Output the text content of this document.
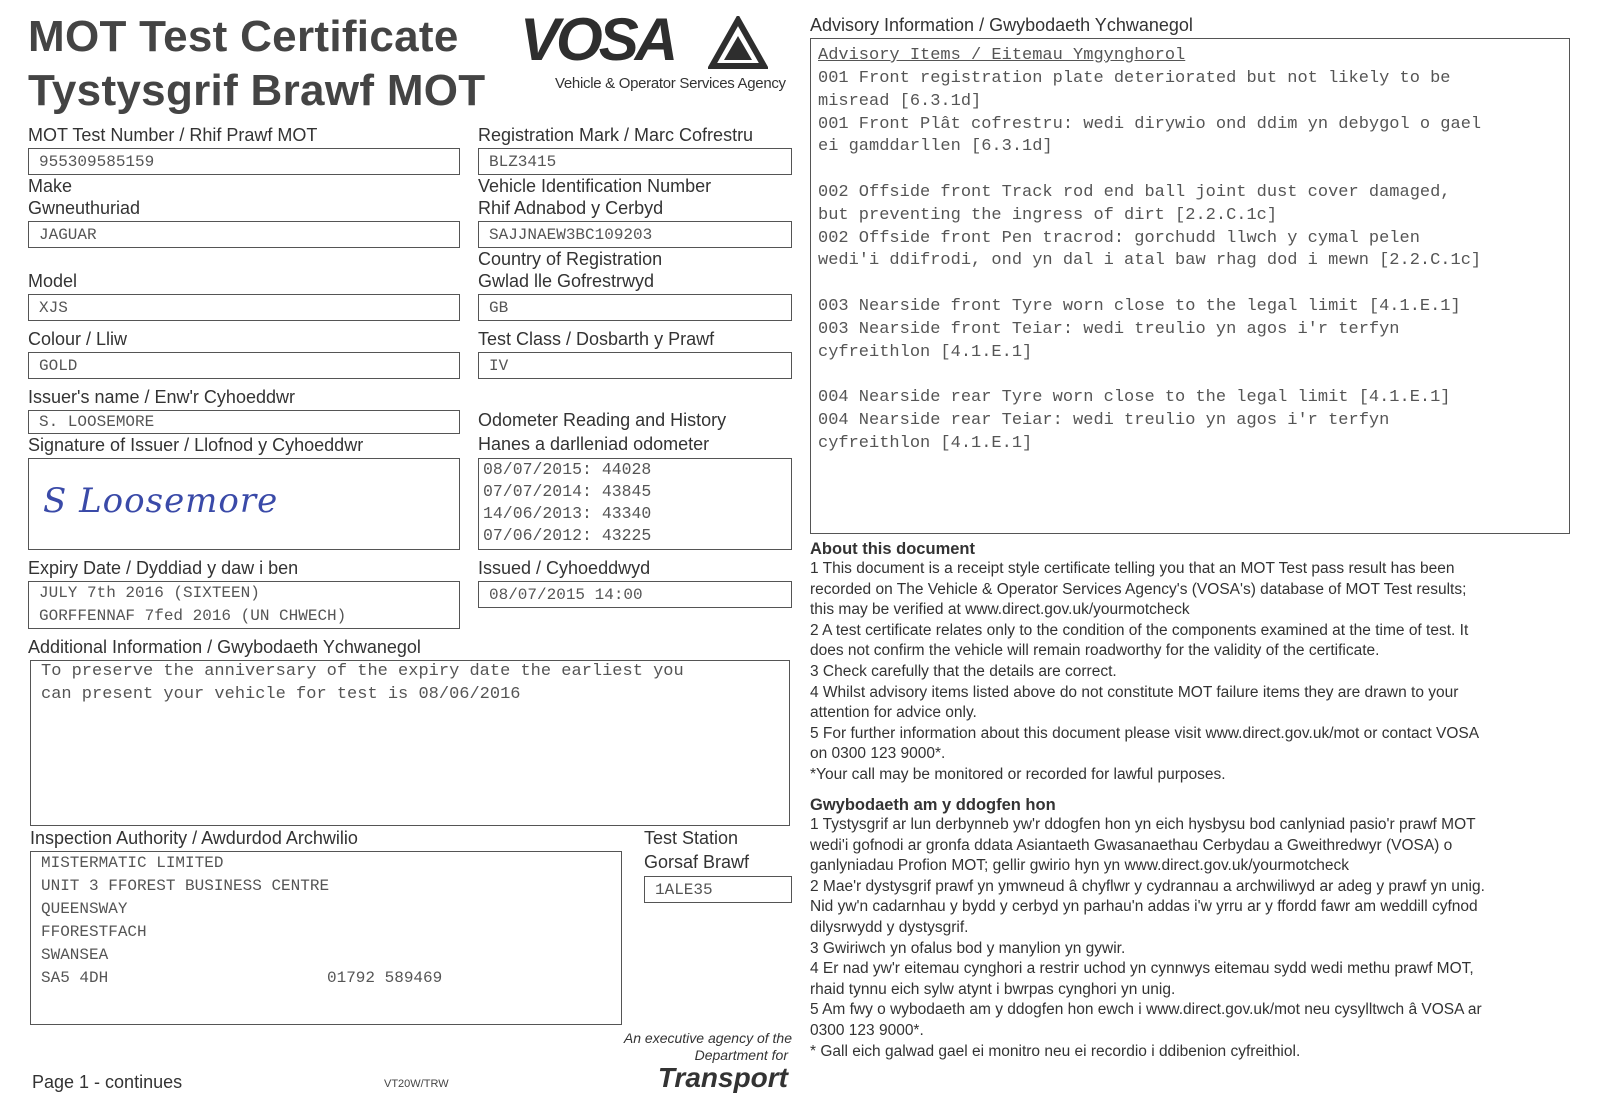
MOT Test Certificate
Tystysgrif Brawf MOT
VOSA
Vehicle & Operator Services Agency
MOT Test Number / Rhif Prawf MOT
955309585159
Make
Gwneuthuriad
JAGUAR
Model
XJS
Colour / Lliw
GOLD
Issuer's name / Enw'r Cyhoeddwr
S. LOOSEMORE
Signature of Issuer / Llofnod y Cyhoeddwr
S Loosemore
Expiry Date / Dyddiad y daw i ben
JULY 7th 2016 (SIXTEEN)
GORFFENNAF 7fed 2016 (UN CHWECH)
Additional Information / Gwybodaeth Ychwanegol
To preserve the anniversary of the expiry date the earliest you
can present your vehicle for test is 08/06/2016
Inspection Authority / Awdurdod Archwilio
MISTERMATIC LIMITED
UNIT 3 FFOREST BUSINESS CENTRE
QUEENSWAY
FFORESTFACH
SWANSEA
SA5 4DH	01792 589469
Registration Mark / Marc Cofrestru
BLZ3415
Vehicle Identification Number
Rhif Adnabod y Cerbyd
SAJJNAEW3BC109203
Country of Registration
Gwlad lle Gofrestrwyd
GB
Test Class / Dosbarth y Prawf
IV
Odometer Reading and History
Hanes a darlleniad odometer
08/07/2015: 44028
07/07/2014: 43845
14/06/2013: 43340
07/06/2012: 43225
Issued / Cyhoeddwyd
08/07/2015 14:00
Test Station
Gorsaf Brawf
1ALE35
Advisory Information / Gwybodaeth Ychwanegol
Advisory Items / Eitemau Ymgynghorol
001 Front registration plate deteriorated but not likely to be
misread [6.3.1d]
001 Front Plât cofrestru: wedi dirywio ond ddim yn debygol o gael
ei gamddarllen [6.3.1d]

002 Offside front Track rod end ball joint dust cover damaged,
but preventing the ingress of dirt [2.2.C.1c]
002 Offside front Pen tracrod: gorchudd llwch y cymal pelen
wedi'i ddifrodi, ond yn dal i atal baw rhag dod i mewn [2.2.C.1c]
003 Nearside front Tyre worn close to the legal limit [4.1.E.1]
003 Nearside front Teiar: wedi treulio yn agos i'r terfyn
cyfreithlon [4.1.E.1]
004 Nearside rear Tyre worn close to the legal limit [4.1.E.1]
004 Nearside rear Teiar: wedi treulio yn agos i'r terfyn
cyfreithlon [4.1.E.1]
About this document
1 This document is a receipt style certificate telling you that an MOT Test pass result has been
recorded on The Vehicle & Operator Services Agency's (VOSA's) database of MOT Test results;
this may be verified at www.direct.gov.uk/yourmotcheck
2 A test certificate relates only to the condition of the components examined at the time of test. It
does not confirm the vehicle will remain roadworthy for the validity of the certificate.
3 Check carefully that the details are correct.
4 Whilst advisory items listed above do not constitute MOT failure items they are drawn to your
attention for advice only.
5 For further information about this document please visit www.direct.gov.uk/mot or contact VOSA
on 0300 123 9000*.
*Your call may be monitored or recorded for lawful purposes.
Gwybodaeth am y ddogfen hon
1 Tystysgrif ar lun derbynneb yw'r ddogfen hon yn eich hysbysu bod canlyniad pasio'r prawf MOT
wedi'i gofnodi ar gronfa ddata Asiantaeth Gwasanaethau Cerbydau a Gweithredwyr (VOSA) o
ganlyniadau Profion MOT; gellir gwirio hyn yn www.direct.gov.uk/yourmotcheck
2 Mae'r dystysgrif prawf yn ymwneud â chyflwr y cydrannau a archwiliwyd ar adeg y prawf yn unig.
Nid yw'n cadarnhau y bydd y cerbyd yn parhau'n addas i'w yrru ar y ffordd fawr am weddill cyfnod
dilysrwydd y dystysgrif.
3 Gwiriwch yn ofalus bod y manylion yn gywir.
4 Er nad yw'r eitemau cynghori a restrir uchod yn cynnwys eitemau sydd wedi methu prawf MOT,
rhaid tynnu eich sylw atynt i bwrpas cynghori yn unig.
5 Am fwy o wybodaeth am y ddogfen hon ewch i www.direct.gov.uk/mot neu cysylltwch â VOSA ar
0300 123 9000*.
* Gall eich galwad gael ei monitro neu ei recordio i ddibenion cyfreithiol.
Page 1 - continues	VT20W/TRW
An executive agency of the
Department for
Transport
